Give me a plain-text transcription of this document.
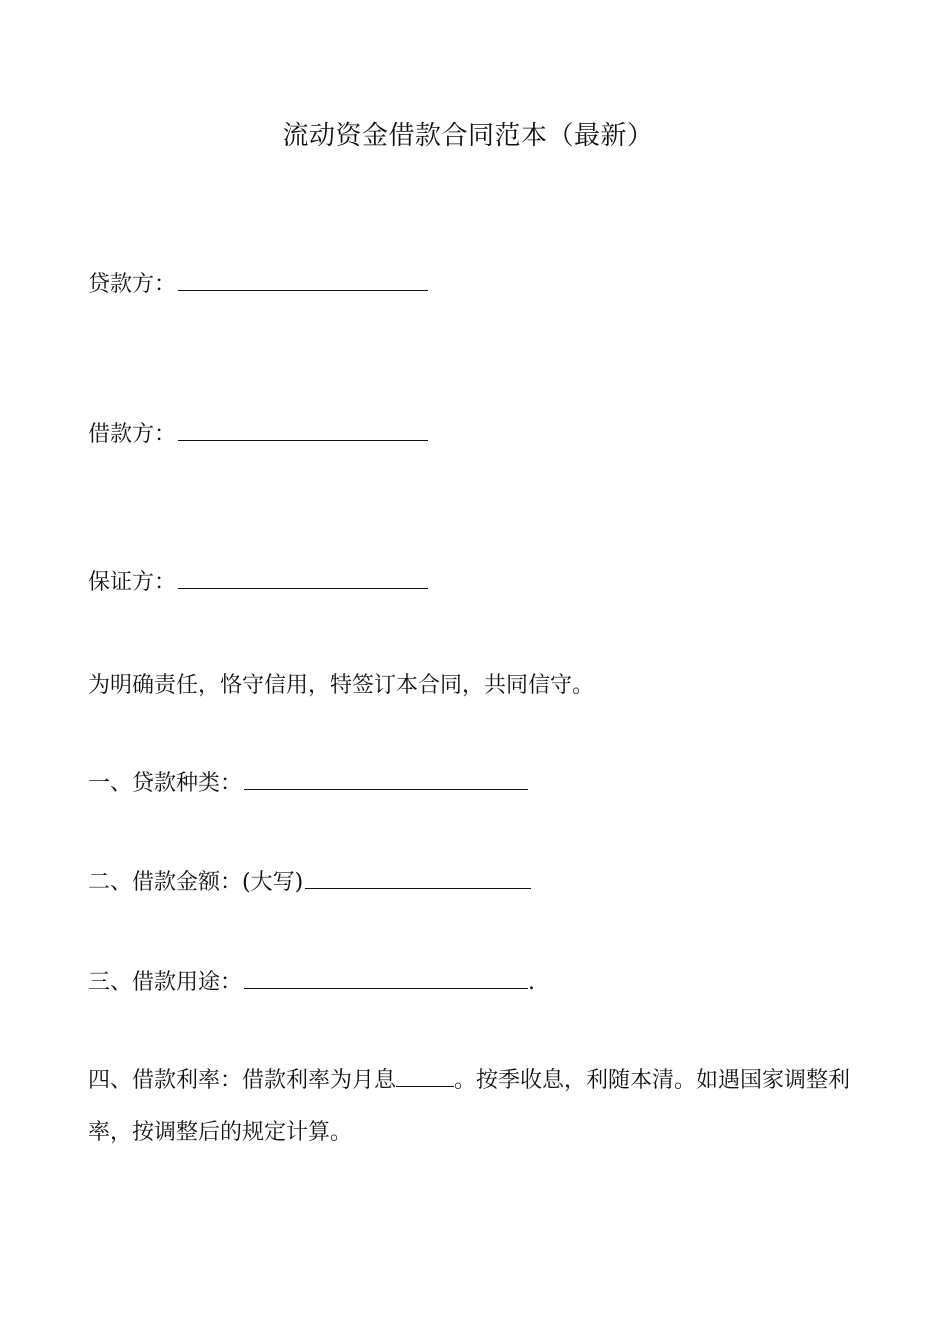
流动资金借款合同范本（最新）
贷款方：
借款方：
保证方：
为明确责任，恪守信用，特签订本合同，共同信守。
一、贷款种类：
二、借款金额：(大写)
三、借款用途：	.
四、借款利率：借款利率为月息	。按季收息，利随本清。如遇国家调整利率，按调整后的规定计算。
